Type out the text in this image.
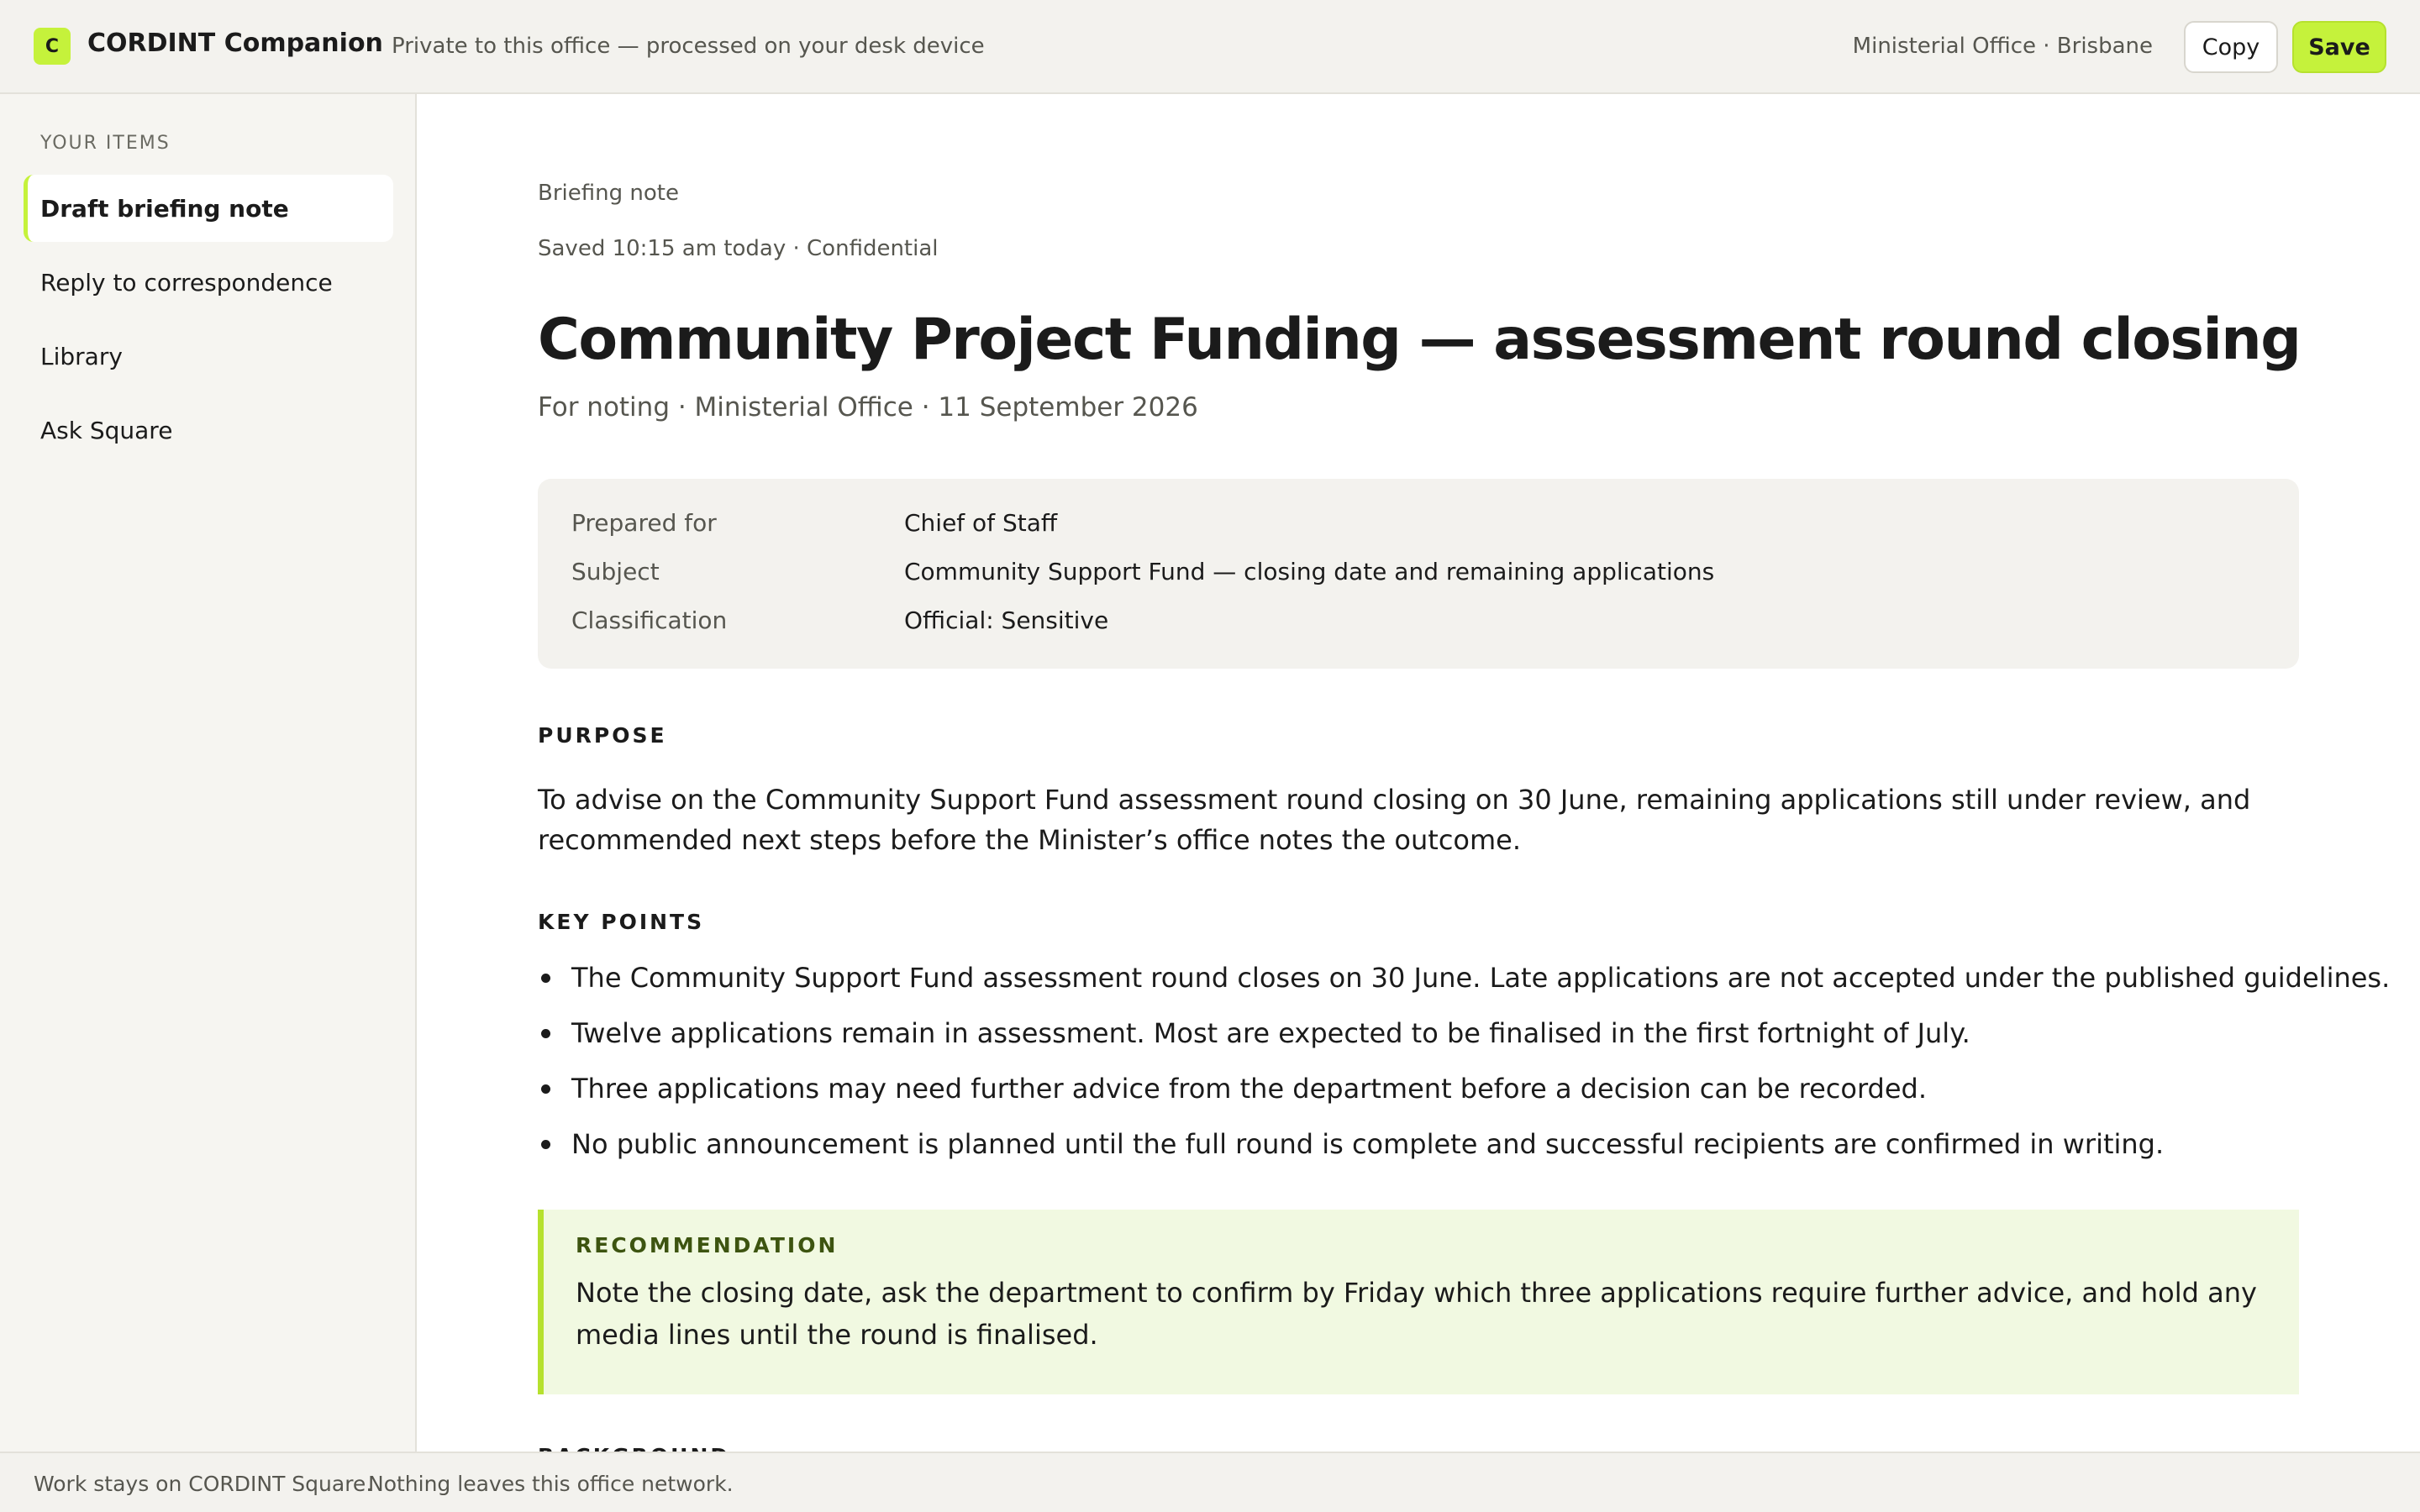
C	CORDINT Companion Private to this office — processed on your desk device	Ministerial Office · Brisbane	Copy	Save
YOUR ITEMS
Draft briefing note
Reply to correspondence
Library
Ask Square
Briefing note
Saved 10:15 am today · Confidential
Community Project Funding — assessment round closing
For noting · Ministerial Office · 11 September 2026
Prepared for	Chief of Staff
Subject	Community Support Fund — closing date and remaining applications
Classification	Official: Sensitive
PURPOSE

To advise on the Community Support Fund assessment round closing on 30 June, remaining applications still under review, and recommended next steps before the Minister’s office notes the outcome.

KEY POINTS
The Community Support Fund assessment round closes on 30 June. Late applications are not accepted under the published guidelines.
Twelve applications remain in assessment. Most are expected to be finalised in the first fortnight of July.
Three applications may need further advice from the department before a decision can be recorded.
No public announcement is planned until the full round is complete and successful recipients are confirmed in writing.
RECOMMENDATION

Note the closing date, ask the department to confirm by Friday which three applications require further advice, and hold any media lines until the round is finalised.

Work stays on CORDINT Square.
Nothing leaves this office network.
